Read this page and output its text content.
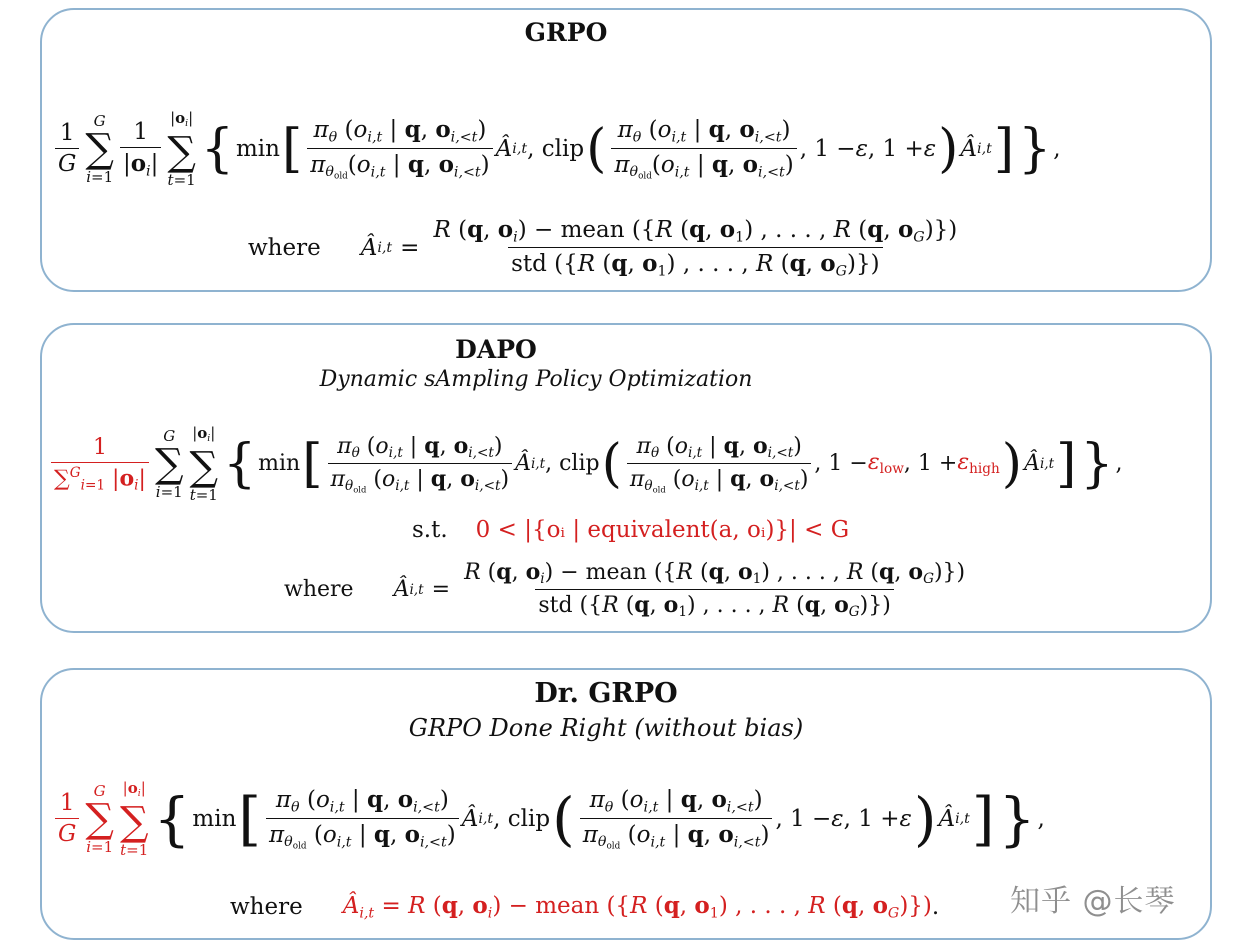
GRPO
$\frac{1}{G}$ G
∑
$i=1 \frac{1}{|o_i|}$
$|o_i|$
∑
t=1
{ min [ $\frac{\pi_\theta (o_{i,t} | q, o_{i,<t})}{\pi_{\theta_{old}}(o_{i,t} | q, o_{i,<t})}$ Â i,t , clip ( $\frac{\pi_\theta (o_{i,t} | q, o_{i,<t})}{\pi_{\theta_{old}}(o_{i,t} | q, o_{i,<t})}$ , 1 − ε , 1 + ε ) Â i,t ] } ,
where Â $i,t = \frac{R (q, o_i) - mean (\{R (q, o_1) , . . . , R (q, o_G)\})}{std (\{R (q, o_1) , . . . , R (q, o_G)\})}$
DAPO
Dynamic sAmpling Policy Optimization
$\frac{1}{\sum^G_{i=1} |o_i|}$ G
∑
i=1
$|o_i|$
∑
t=1
{ min [ $\frac{\pi_\theta (o_{i,t} | q, o_{i,<t})}{\pi_{\theta_{old}} (o_{i,t} | q, o_{i,<t})}$ Â i,t , clip ( $\frac{\pi_\theta (o_{i,t} | q, o_{i,<t})}{\pi_{\theta_{old}} (o_{i,t} | q, o_{i,<t})}$ , $1 - \varepsilon_{low}$ , $1 + \varepsilon_{high}$ ) Â i,t ] } ,
s.t. 0 < |{oᵢ | equivalent(a, oᵢ)}| < G
where Â $i,t = \frac{R (q, o_i) - mean (\{R (q, o_1) , . . . , R (q, o_G)\})}{std (\{R (q, o_1) , . . . , R (q, o_G)\})}$
Dr. GRPO
GRPO Done Right (without bias)
$\frac{1}{G}$ G
∑
i=1
$|o_i|$
∑
t=1 { min [ $\frac{\pi_\theta (o_{i,t} | q, o_{i,<t})}{\pi_{\theta_{old}} (o_{i,t} | q, o_{i,<t})}$ Â i,t , clip ( $\frac{\pi_\theta (o_{i,t} | q, o_{i,<t})}{\pi_{\theta_{old}} (o_{i,t} | q, o_{i,<t})}$ , 1 − ε , 1 + ε ) Â i,t ] } ,
where $Â_{i,t} = R$ (q, $o_i$) − mean ({R (q, $o_1$) , . . . , R (q, $o_G$)}) . 知乎 @长琴
